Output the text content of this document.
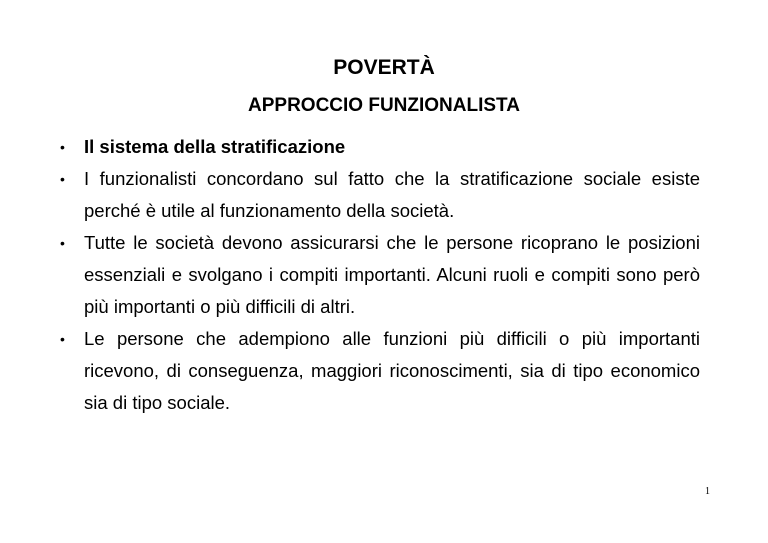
POVERTÀ
APPROCCIO FUNZIONALISTA
• Il sistema della stratificazione
• I funzionalisti concordano sul fatto che la stratificazione sociale esiste perché è utile al funzionamento della società.
• Tutte le società devono assicurarsi che le persone ricoprano le posizioni essenziali e svolgano i compiti importanti. Alcuni ruoli e compiti sono però più importanti o più difficili di altri.
• Le persone che adempiono alle funzioni più difficili o più importanti ricevono, di conseguenza, maggiori riconoscimenti, sia di tipo economico sia di tipo sociale.
1
